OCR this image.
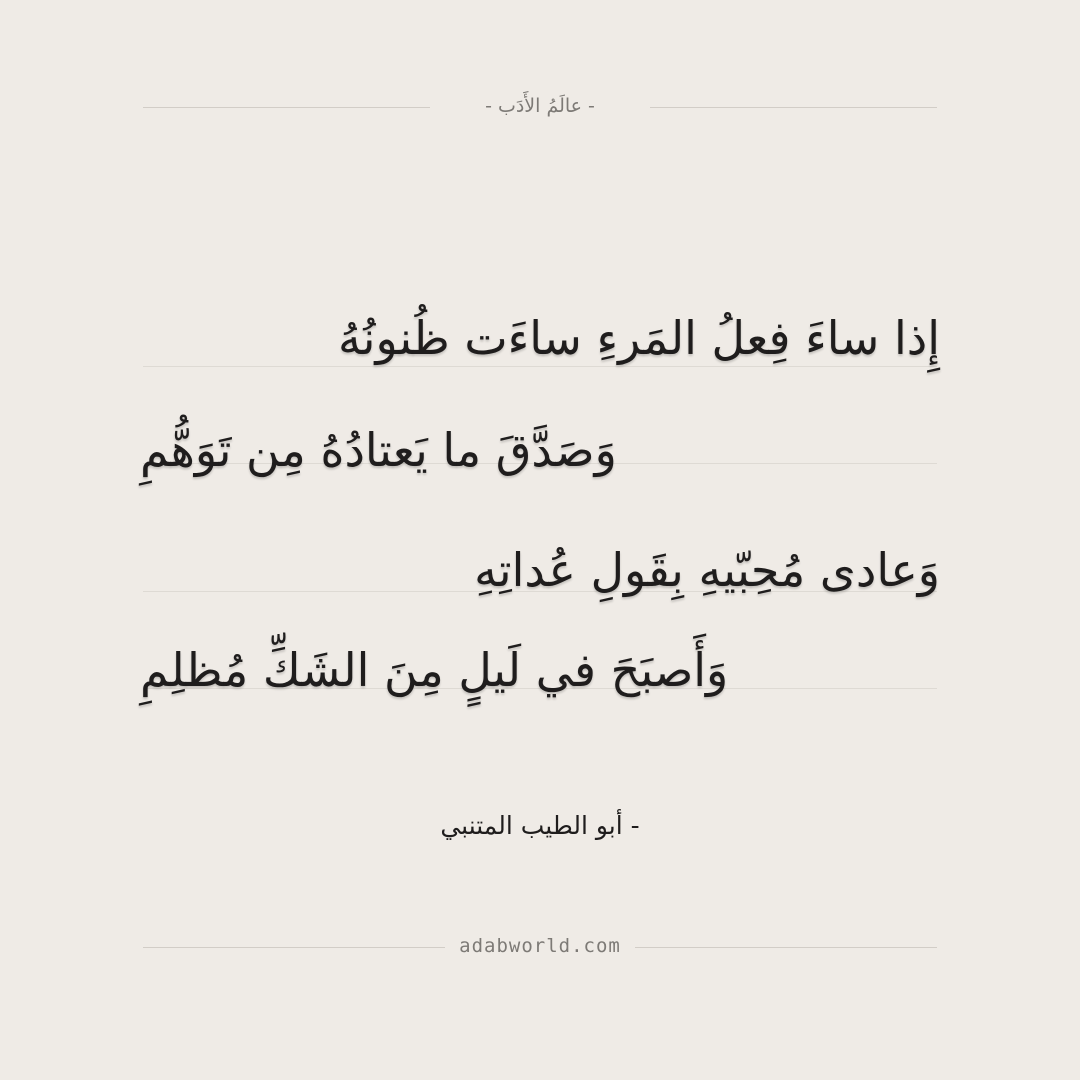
- عالَمُ الأَدَب -
إِذا ساءَ فِعلُ المَرءِ ساءَت ظُنونُهُ
وَصَدَّقَ ما يَعتادُهُ مِن تَوَهُّمِ
وَعادى مُحِبّيهِ بِقَولِ عُداتِهِ
وَأَصبَحَ في لَيلٍ مِنَ الشَكِّ مُظلِمِ
- أبو الطيب المتنبي
adabworld.com
